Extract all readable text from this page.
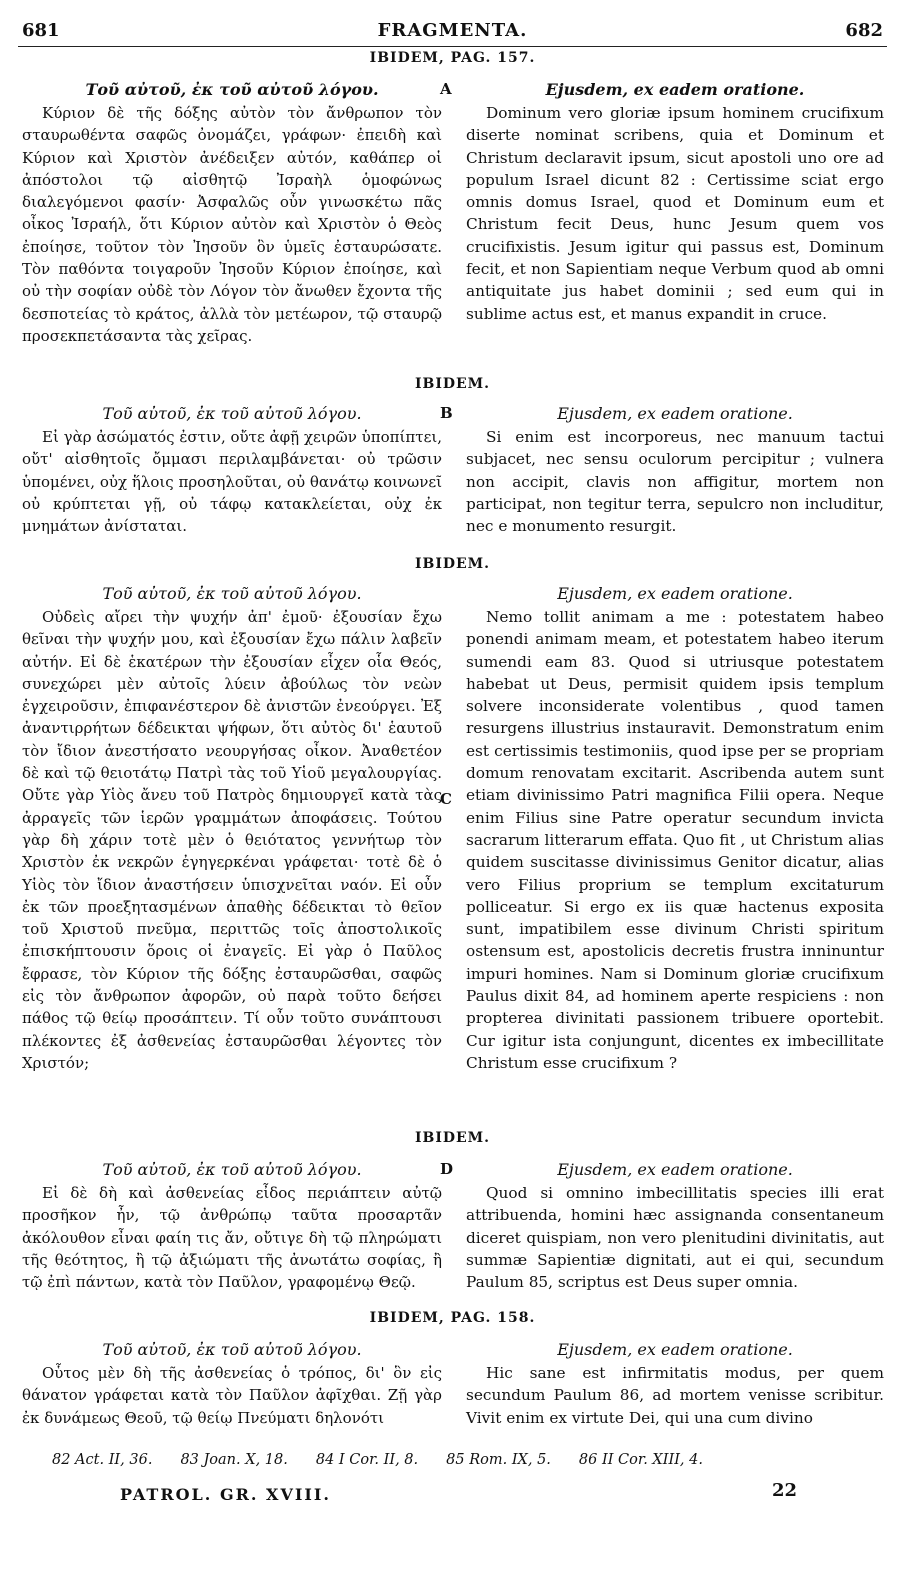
681	FRAGMENTA.	682
IBIDEM, PAG. 157.
A

Τοῦ αὐτοῦ, ἐκ τοῦ αὐτοῦ λόγου.

Κύριον δὲ τῆς δόξης αὐτὸν τὸν ἄνθρωπον τὸν σταυρωθέντα σαφῶς ὀνομάζει, γράφων· ἐπειδὴ καὶ Κύριον καὶ Χριστὸν ἀνέδειξεν αὐτόν, καθάπερ οἱ ἀπόστολοι τῷ αἰσθητῷ Ἰσραὴλ ὁμοφώνως διαλεγόμενοι φασίν· Ἀσφαλῶς οὖν γινωσκέτω πᾶς οἶκος Ἰσραήλ, ὅτι Κύριον αὐτὸν καὶ Χριστὸν ὁ Θεὸς ἐποίησε, τοῦτον τὸν Ἰησοῦν ὃν ὑμεῖς ἐσταυρώσατε. Τὸν παθόντα τοιγαροῦν Ἰησοῦν Κύριον ἐποίησε, καὶ οὐ τὴν σοφίαν οὐδὲ τὸν Λόγον τὸν ἄνωθεν ἔχοντα τῆς δεσποτείας τὸ κράτος, ἀλλὰ τὸν μετέωρον, τῷ σταυρῷ προσεκπετάσαντα τὰς χεῖρας.

Ejusdem, ex eadem oratione.

Dominum vero gloriæ ipsum hominem crucifixum diserte nominat scribens, quia et Dominum et Christum declaravit ipsum, sicut apostoli uno ore ad populum Israel dicunt 82 : Certissime sciat ergo omnis domus Israel, quod et Dominum eum et Christum fecit Deus, hunc Jesum quem vos crucifixistis. Jesum igitur qui passus est, Dominum fecit, et non Sapientiam neque Verbum quod ab omni antiquitate jus habet dominii ; sed eum qui in sublime actus est, et manus expandit in cruce.

IBIDEM.
B

Τοῦ αὐτοῦ, ἐκ τοῦ αὐτοῦ λόγου.

Εἰ γὰρ ἀσώματός ἐστιν, οὔτε ἀφῇ χειρῶν ὑποπίπτει, οὔτ' αἰσθητοῖς ὄμμασι περιλαμβάνεται· οὐ τρῶσιν ὑπομένει, οὐχ ἥλοις προσηλοῦται, οὐ θανάτῳ κοινωνεῖ οὐ κρύπτεται γῇ, οὐ τάφῳ κατακλείεται, οὐχ ἐκ μνημάτων ἀνίσταται.

Ejusdem, ex eadem oratione.

Si enim est incorporeus, nec manuum tactui subjacet, nec sensu oculorum percipitur ; vulnera non accipit, clavis non affigitur, mortem non participat, non tegitur terra, sepulcro non includitur, nec e monumento resurgit.

IBIDEM.
C

Τοῦ αὐτοῦ, ἐκ τοῦ αὐτοῦ λόγου.

Οὐδεὶς αἴρει τὴν ψυχήν ἀπ' ἐμοῦ· ἐξουσίαν ἔχω θεῖναι τὴν ψυχήν μου, καὶ ἐξουσίαν ἔχω πάλιν λαβεῖν αὐτήν. Εἰ δὲ ἑκατέρων τὴν ἐξουσίαν εἶχεν οἷα Θεός, συνεχώρει μὲν αὐτοῖς λύειν ἀβούλως τὸν νεὼν ἐγχειροῦσιν, ἐπιφανέστερον δὲ ἀνιστῶν ἐνεούργει. Ἐξ ἀναντιρρήτων δέδεικται ψήφων, ὅτι αὐτὸς δι' ἑαυτοῦ τὸν ἴδιον ἀνεστήσατο νεουργήσας οἶκον. Ἀναθετέον δὲ καὶ τῷ θειοτάτῳ Πατρὶ τὰς τοῦ Υἱοῦ μεγαλουργίας. Οὔτε γὰρ Υἱὸς ἄνευ τοῦ Πατρὸς δημιουργεῖ κατὰ τὰς ἀρραγεῖς τῶν ἱερῶν γραμμάτων ἀποφάσεις. Τούτου γὰρ δὴ χάριν τοτὲ μὲν ὁ θειότατος γεννήτωρ τὸν Χριστὸν ἐκ νεκρῶν ἐγηγερκέναι γράφεται· τοτὲ δὲ ὁ Υἱὸς τὸν ἴδιον ἀναστήσειν ὑπισχνεῖται ναόν. Εἰ οὖν ἐκ τῶν προεξητασμένων ἀπαθὴς δέδεικται τὸ θεῖον τοῦ Χριστοῦ πνεῦμα, περιττῶς τοῖς ἀποστολικοῖς ἐπισκήπτουσιν ὅροις οἱ ἐναγεῖς. Εἰ γὰρ ὁ Παῦλος ἔφρασε, τὸν Κύριον τῆς δόξης ἐσταυρῶσθαι, σαφῶς εἰς τὸν ἄνθρωπον ἀφορῶν, οὐ παρὰ τοῦτο δεήσει πάθος τῷ θείῳ προσάπτειν. Τί οὖν τοῦτο συνάπτουσι πλέκοντες ἐξ ἀσθενείας ἐσταυρῶσθαι λέγοντες τὸν Χριστόν;

Ejusdem, ex eadem oratione.

Nemo tollit animam a me : potestatem habeo ponendi animam meam, et potestatem habeo iterum sumendi eam 83. Quod si utriusque potestatem habebat ut Deus, permisit quidem ipsis templum solvere inconsiderate volentibus , quod tamen resurgens illustrius instauravit. Demonstratum enim est certissimis testimoniis, quod ipse per se propriam domum renovatam excitarit. Ascribenda autem sunt etiam divinissimo Patri magnifica Filii opera. Neque enim Filius sine Patre operatur secundum invicta sacrarum litterarum effata. Quo fit , ut Christum alias quidem suscitasse divinissimus Genitor dicatur, alias vero Filius proprium se templum excitaturum polliceatur. Si ergo ex iis quæ hactenus exposita sunt, impatibilem esse divinum Christi spiritum ostensum est, apostolicis decretis frustra inninuntur impuri homines. Nam si Dominum gloriæ crucifixum Paulus dixit 84, ad hominem aperte respiciens : non propterea divinitati passionem tribuere oportebit. Cur igitur ista conjungunt, dicentes ex imbecillitate Christum esse crucifixum ?

IBIDEM.
D

Τοῦ αὐτοῦ, ἐκ τοῦ αὐτοῦ λόγου.

Εἰ δὲ δὴ καὶ ἀσθενείας εἶδος περιάπτειν αὐτῷ προσῆκον ἦν, τῷ ἀνθρώπῳ ταῦτα προσαρτᾶν ἀκόλουθον εἶναι φαίη τις ἄν, οὔτιγε δὴ τῷ πληρώματι τῆς θεότητος, ἢ τῷ ἀξιώματι τῆς ἀνωτάτω σοφίας, ἢ τῷ ἐπὶ πάντων, κατὰ τὸν Παῦλον, γραφομένῳ Θεῷ.

Ejusdem, ex eadem oratione.

Quod si omnino imbecillitatis species illi erat attribuenda, homini hæc assignanda consentaneum diceret quispiam, non vero plenitudini divinitatis, aut summæ Sapientiæ dignitati, aut ei qui, secundum Paulum 85, scriptus est Deus super omnia.

IBIDEM, PAG. 158.

Τοῦ αὐτοῦ, ἐκ τοῦ αὐτοῦ λόγου.

Οὗτος μὲν δὴ τῆς ἀσθενείας ὁ τρόπος, δι' ὃν εἰς θάνατον γράφεται κατὰ τὸν Παῦλον ἀφῖχθαι. Ζῇ γὰρ ἐκ δυνάμεως Θεοῦ, τῷ θείῳ Πνεύματι δηλονότι

Ejusdem, ex eadem oratione.

Hic sane est infirmitatis modus, per quem secundum Paulum 86, ad mortem venisse scribitur. Vivit enim ex virtute Dei, qui una cum divino

82 Act. II, 36. 83 Joan. X, 18. 84 I Cor. II, 8. 85 Rom. IX, 5. 86 II Cor. XIII, 4.
PATROL. GR. XVIII.	22
